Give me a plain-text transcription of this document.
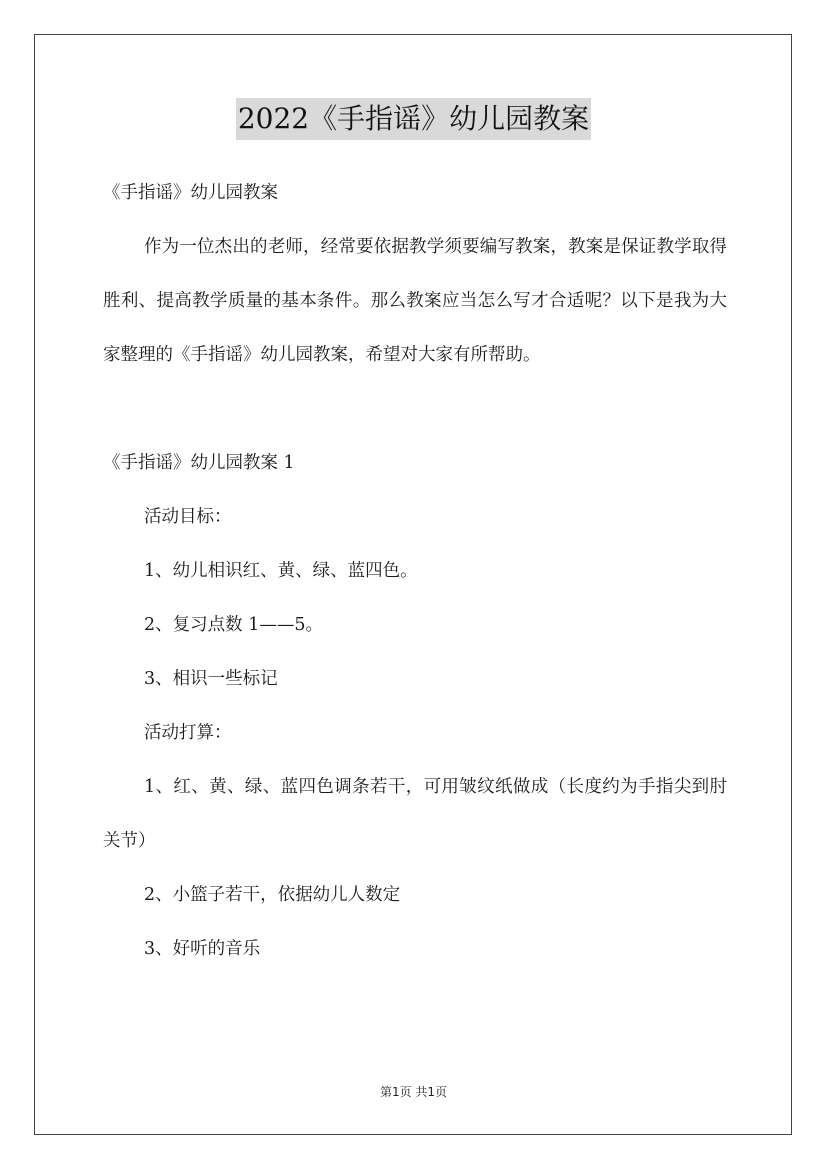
2022《手指谣》幼儿园教案

《手指谣》幼儿园教案

作为一位杰出的老师，经常要依据教学须要编写教案，教案是保证教学取得胜利、提高教学质量的基本条件。那么教案应当怎么写才合适呢？以下是我为大家整理的《手指谣》幼儿园教案，希望对大家有所帮助。

《手指谣》幼儿园教案 1

活动目标：

1、幼儿相识红、黄、绿、蓝四色。

2、复习点数 1——5。

3、相识一些标记

活动打算：

1、红、黄、绿、蓝四色调条若干，可用皱纹纸做成（长度约为手指尖到肘关节）

2、小篮子若干，依据幼儿人数定

3、好听的音乐

第1页 共1页
